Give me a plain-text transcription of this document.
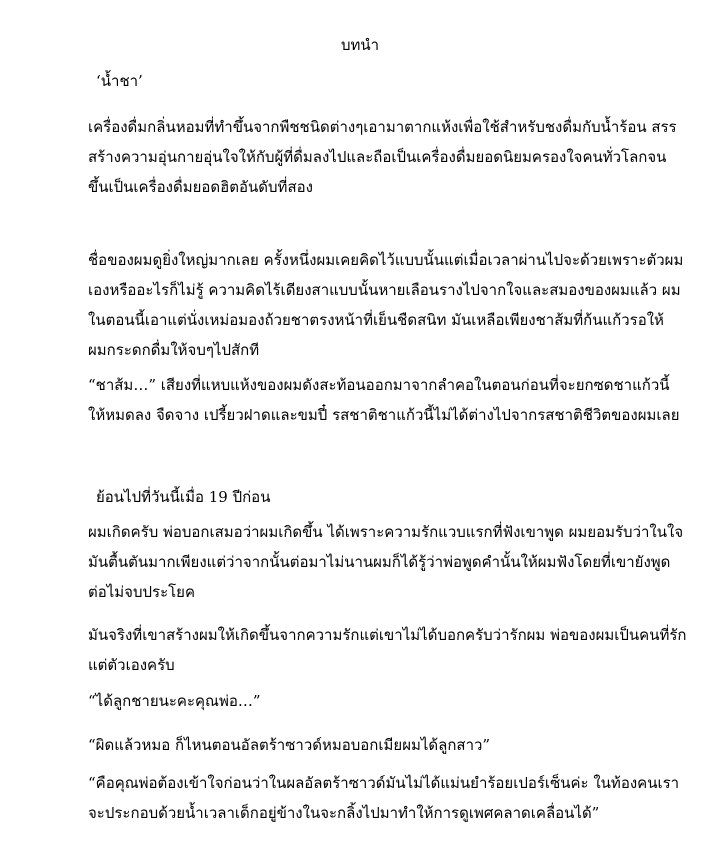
บทนำ
‘น้ำชา’
เครื่องดื่มกลิ่นหอมที่ทำขึ้นจากพืชชนิดต่างๆเอามาตากแห้งเพื่อใช้สำหรับชงดื่มกับน้ำร้อน สรร
สร้างความอุ่นกายอุ่นใจให้กับผู้ที่ดื่มลงไปและถือเป็นเครื่องดื่มยอดนิยมครองใจคนทั่วโลกจน
ขึ้นเป็นเครื่องดื่มยอดฮิตอันดับที่สอง
ชื่อของผมดูยิ่งใหญ่มากเลย ครั้งหนึ่งผมเคยคิดไว้แบบนั้นแต่เมื่อเวลาผ่านไปจะด้วยเพราะตัวผม
เองหรืออะไรก็ไม่รู้ ความคิดไร้เดียงสาแบบนั้นหายเลือนรางไปจากใจและสมองของผมแล้ว ผม
ในตอนนี้เอาแต่นั่งเหม่อมองถ้วยชาตรงหน้าที่เย็นชืดสนิท มันเหลือเพียงชาส้มที่ก้นแก้วรอให้
ผมกระดกดื่มให้จบๆไปสักที
“ชาส้ม…” เสียงที่แหบแห้งของผมดังสะท้อนออกมาจากลำคอในตอนก่อนที่จะยกซดชาแก้วนี้
ให้หมดลง จืดจาง เปรี้ยวฝาดและขมปี๋ รสชาติชาแก้วนี้ไม่ได้ต่างไปจากรสชาติชีวิตของผมเลย
ย้อนไปที่วันนี้เมื่อ 19 ปีก่อน
ผมเกิดครับ พ่อบอกเสมอว่าผมเกิดขึ้น ได้เพราะความรักแวบแรกที่ฟังเขาพูด ผมยอมรับว่าในใจ
มันตื้นตันมากเพียงแต่ว่าจากนั้นต่อมาไม่นานผมก็ได้รู้ว่าพ่อพูดคำนั้นให้ผมฟังโดยที่เขายังพูด
ต่อไม่จบประโยค
มันจริงที่เขาสร้างผมให้เกิดขึ้นจากความรักแต่เขาไม่ได้บอกครับว่ารักผม พ่อของผมเป็นคนที่รัก
แต่ตัวเองครับ
“ได้ลูกชายนะคะคุณพ่อ…”
“ผิดแล้วหมอ ก็ไหนตอนอัลตร้าซาวด์หมอบอกเมียผมได้ลูกสาว”
“คือคุณพ่อต้องเข้าใจก่อนว่าในผลอัลตร้าซาวด์มันไม่ได้แม่นยำร้อยเปอร์เซ็นค่ะ ในท้องคนเรา
จะประกอบด้วยน้ำเวลาเด็กอยู่ข้างในจะกลิ้งไปมาทำให้การดูเพศคลาดเคลื่อนได้”
